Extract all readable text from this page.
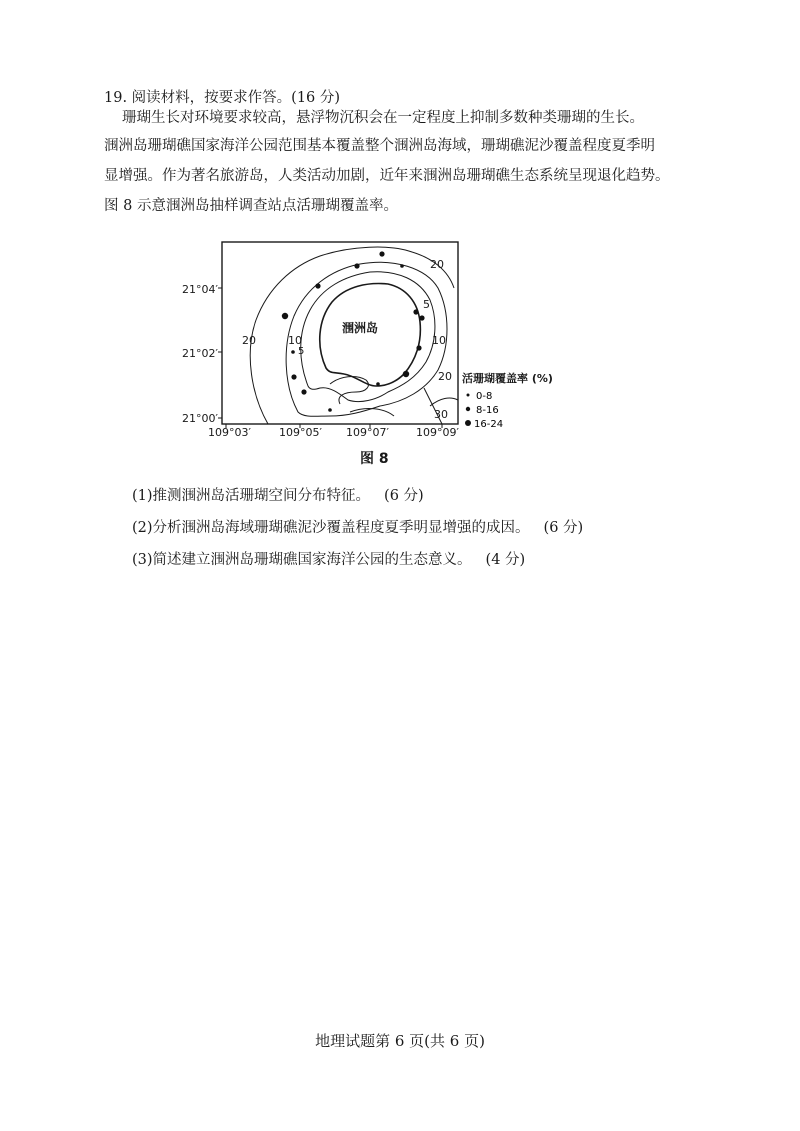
19. 阅读材料，按要求作答。(16 分)
珊瑚生长对环境要求较高，悬浮物沉积会在一定程度上抑制多数种类珊瑚的生长。
涠洲岛珊瑚礁国家海洋公园范围基本覆盖整个涠洲岛海域，珊瑚礁泥沙覆盖程度夏季明
显增强。作为著名旅游岛，人类活动加剧，近年来涠洲岛珊瑚礁生态系统呈现退化趋势。
图 8 示意涠洲岛抽样调查站点活珊瑚覆盖率。
21°04′
21°02′
21°00′
109°03′	109°05′ 109°07′ 109°09′
涠洲岛
20
5
10
20	10
5
20
30
0-8
8-16
16-24
图 8
(1)推测涠洲岛活珊瑚空间分布特征。 (6 分)
(2)分析涠洲岛海域珊瑚礁泥沙覆盖程度夏季明显增强的成因。 (6 分)
(3)简述建立涠洲岛珊瑚礁国家海洋公园的生态意义。 (4 分)
地理试题第 6 页(共 6 页)
活珊瑚覆盖率 (%)
